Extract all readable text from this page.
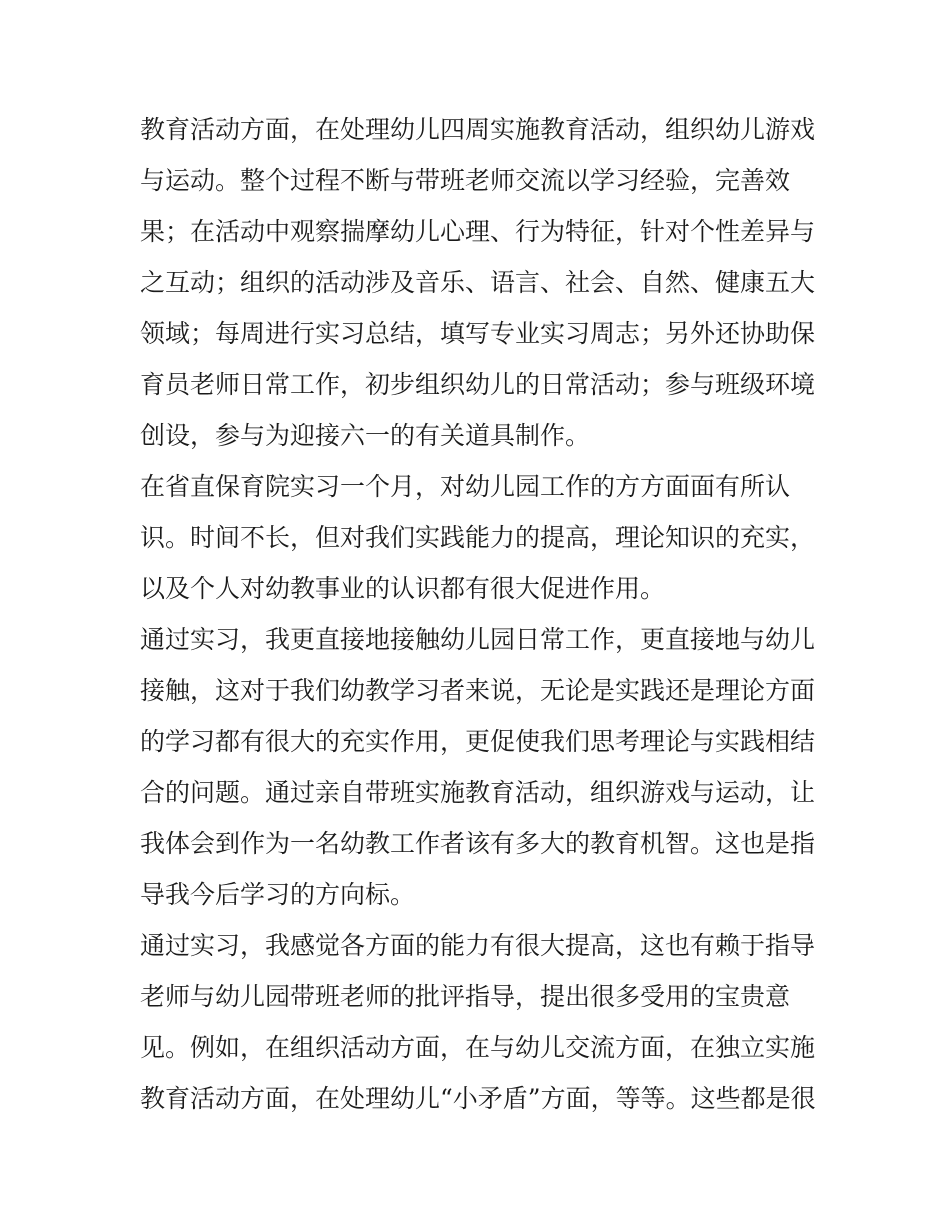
教育活动方面，在处理幼儿四周实施教育活动，组织幼儿游戏
与运动。整个过程不断与带班老师交流以学习经验，完善效
果；在活动中观察揣摩幼儿心理、行为特征，针对个性差异与
之互动；组织的活动涉及音乐、语言、社会、自然、健康五大
领域；每周进行实习总结，填写专业实习周志；另外还协助保
育员老师日常工作，初步组织幼儿的日常活动；参与班级环境
创设，参与为迎接六一的有关道具制作。

在省直保育院实习一个月，对幼儿园工作的方方面面有所认
识。时间不长，但对我们实践能力的提高，理论知识的充实，
以及个人对幼教事业的认识都有很大促进作用。

通过实习，我更直接地接触幼儿园日常工作，更直接地与幼儿
接触，这对于我们幼教学习者来说，无论是实践还是理论方面
的学习都有很大的充实作用，更促使我们思考理论与实践相结
合的问题。通过亲自带班实施教育活动，组织游戏与运动，让
我体会到作为一名幼教工作者该有多大的教育机智。这也是指
导我今后学习的方向标。

通过实习，我感觉各方面的能力有很大提高，这也有赖于指导
老师与幼儿园带班老师的批评指导，提出很多受用的宝贵意
见。例如，在组织活动方面，在与幼儿交流方面，在独立实施
教育活动方面，在处理幼儿“小矛盾”方面，等等。这些都是很
